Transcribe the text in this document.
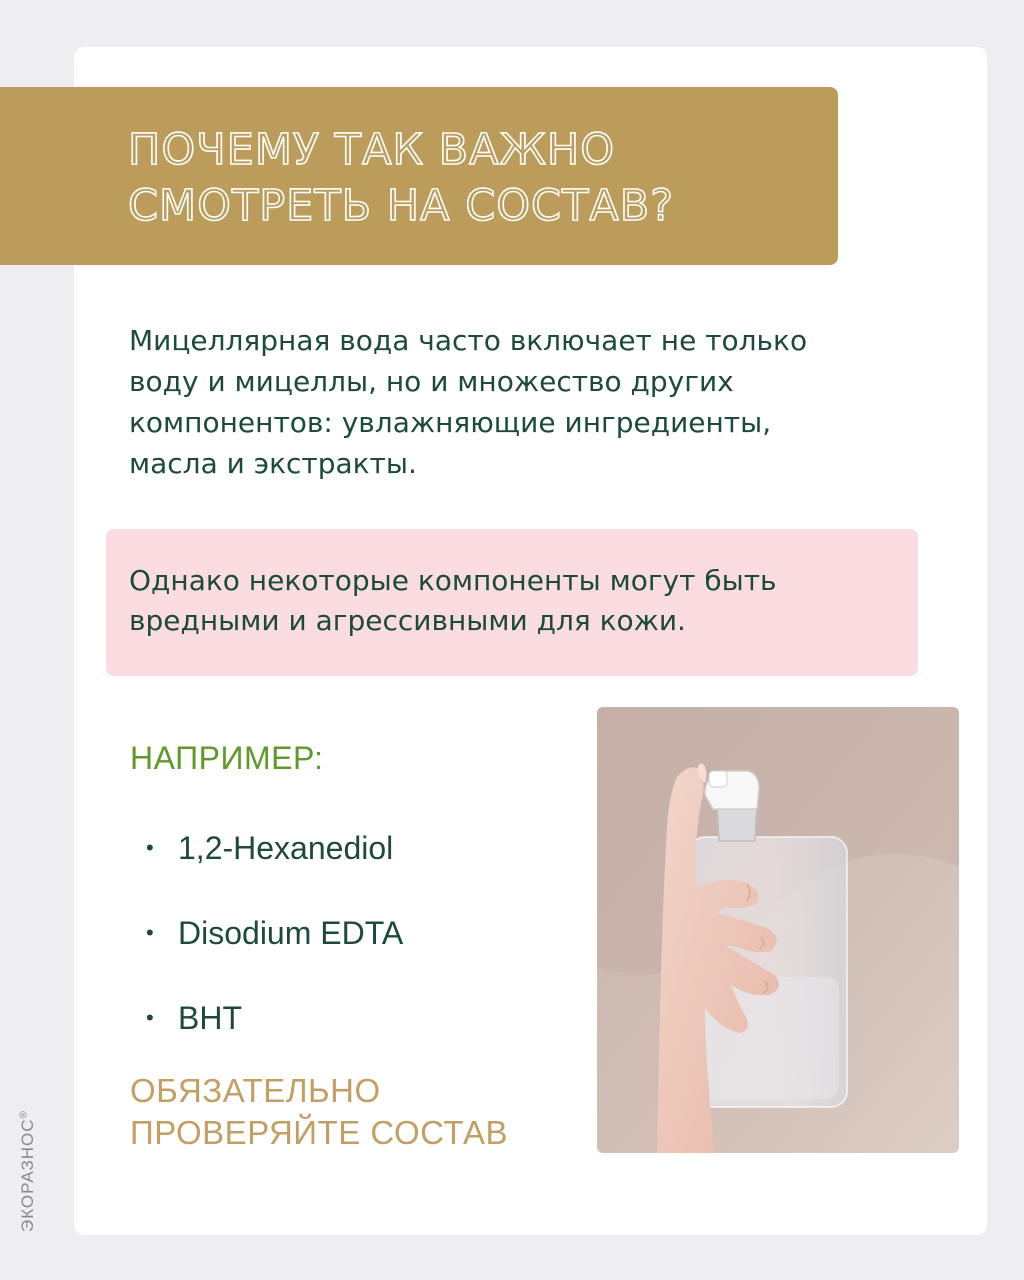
ПОЧЕМУ ТАК ВАЖНО
СМОТРЕТЬ НА СОСТАВ?

Мицеллярная вода часто включает не только
воду и мицеллы, но и множество других
компонентов: увлажняющие ингредиенты,
масла и экстракты.

Однако некоторые компоненты могут быть
вредными и агрессивными для кожи.

НАПРИМЕР:
• 1,2-Hexanediol
• Disodium EDTA
• BHT

ОБЯЗАТЕЛЬНО
ПРОВЕРЯЙТЕ СОСТАВ

ЭКОРАЗНОС®
